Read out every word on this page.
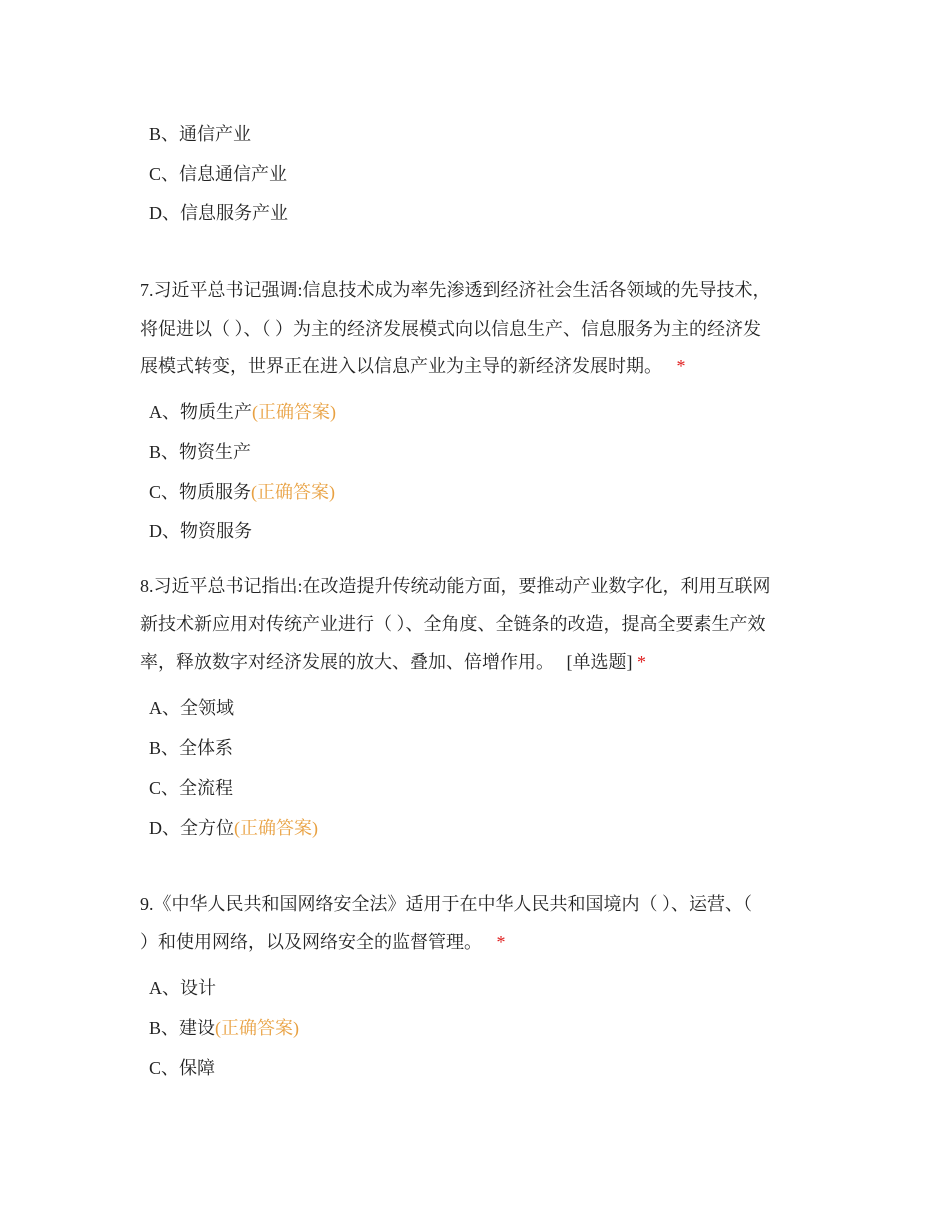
B、通信产业
C、信息通信产业
D、信息服务产业
7.习近平总书记强调:信息技术成为率先渗透到经济社会生活各领域的先导技术，
将促进以（ ）、（ ）为主的经济发展模式向以信息生产、信息服务为主的经济发
展模式转变，世界正在进入以信息产业为主导的新经济发展时期。 *
A、物质生产(正确答案)
B、物资生产
C、物质服务(正确答案)
D、物资服务
8.习近平总书记指出:在改造提升传统动能方面，要推动产业数字化，利用互联网
新技术新应用对传统产业进行（ ）、全角度、全链条的改造，提高全要素生产效
率，释放数字对经济发展的放大、叠加、倍增作用。 [单选题] *
A、全领域
B、全体系
C、全流程
D、全方位(正确答案)
9.《中华人民共和国网络安全法》适用于在中华人民共和国境内（ ）、运营、（
）和使用网络，以及网络安全的监督管理。 *
A、设计
B、建设(正确答案)
C、保障
